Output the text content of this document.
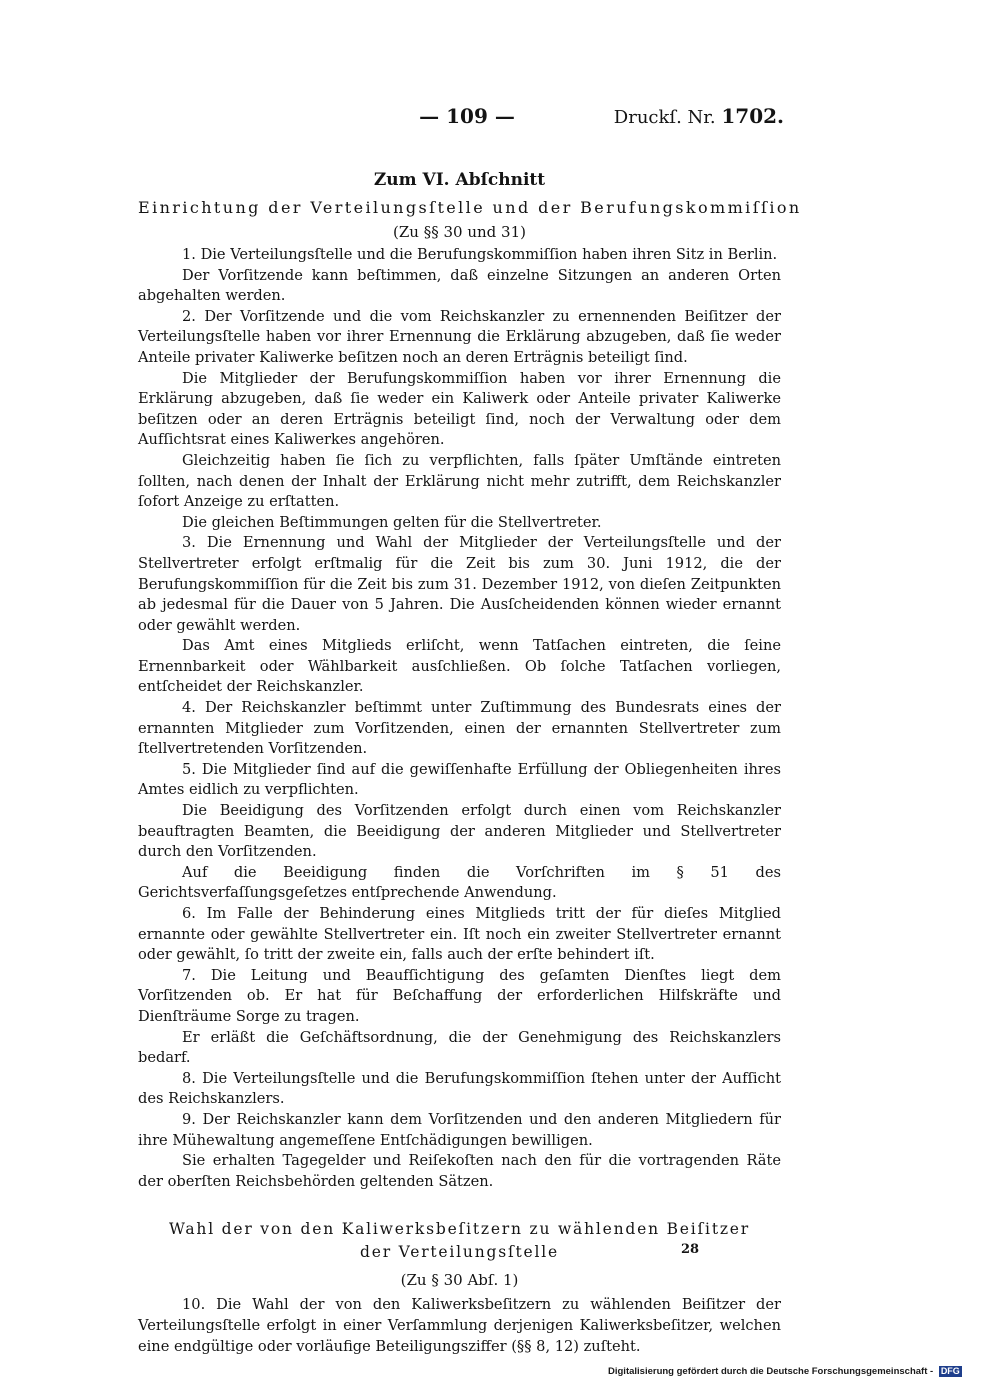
— 109 —	Druckſ. Nr. 1702.
Zum VI. Abſchnitt
Einrichtung der Verteilungsſtelle und der Berufungskommiſſion
(Zu §§ 30 und 31)

1. Die Verteilungsſtelle und die Berufungskommiſſion haben ihren Sitz in Berlin.

Der Vorſitzende kann beſtimmen, daß einzelne Sitzungen an anderen Orten abgehalten werden.

2. Der Vorſitzende und die vom Reichskanzler zu ernennenden Beiſitzer der Verteilungsſtelle haben vor ihrer Ernennung die Erklärung abzugeben, daß ſie weder Anteile privater Kaliwerke beſitzen noch an deren Erträgnis beteiligt ſind.

Die Mitglieder der Berufungskommiſſion haben vor ihrer Ernennung die Erklärung abzugeben, daß ſie weder ein Kaliwerk oder Anteile privater Kaliwerke beſitzen oder an deren Erträgnis beteiligt ſind, noch der Verwaltung oder dem Aufſichtsrat eines Kaliwerkes angehören.

Gleichzeitig haben ſie ſich zu verpflichten, falls ſpäter Umſtände eintreten ſollten, nach denen der Inhalt der Erklärung nicht mehr zutrifft, dem Reichskanzler ſofort Anzeige zu erſtatten.

Die gleichen Beſtimmungen gelten für die Stellvertreter.

3. Die Ernennung und Wahl der Mitglieder der Verteilungsſtelle und der Stellvertreter erfolgt erſtmalig für die Zeit bis zum 30. Juni 1912, die der Berufungskommiſſion für die Zeit bis zum 31. Dezember 1912, von dieſen Zeitpunkten ab jedesmal für die Dauer von 5 Jahren. Die Ausſcheidenden können wieder ernannt oder gewählt werden.

Das Amt eines Mitglieds erliſcht, wenn Tatſachen eintreten, die ſeine Ernennbarkeit oder Wählbarkeit ausſchließen. Ob ſolche Tatſachen vorliegen, entſcheidet der Reichskanzler.

4. Der Reichskanzler beſtimmt unter Zuſtimmung des Bundesrats eines der ernannten Mitglieder zum Vorſitzenden, einen der ernannten Stellvertreter zum ſtellvertretenden Vorſitzenden.

5. Die Mitglieder ſind auf die gewiſſenhafte Erfüllung der Obliegenheiten ihres Amtes eidlich zu verpflichten.

Die Beeidigung des Vorſitzenden erfolgt durch einen vom Reichskanzler beauftragten Beamten, die Beeidigung der anderen Mitglieder und Stellvertreter durch den Vorſitzenden.

Auf die Beeidigung finden die Vorſchriften im § 51 des Gerichtsverfaſſungsgeſetzes entſprechende Anwendung.

6. Im Falle der Behinderung eines Mitglieds tritt der für dieſes Mitglied ernannte oder gewählte Stellvertreter ein. Iſt noch ein zweiter Stellvertreter ernannt oder gewählt, ſo tritt der zweite ein, falls auch der erſte behindert iſt.

7. Die Leitung und Beaufſichtigung des geſamten Dienſtes liegt dem Vorſitzenden ob. Er hat für Beſchaffung der erforderlichen Hilfskräfte und Dienſträume Sorge zu tragen.

Er erläßt die Geſchäftsordnung, die der Genehmigung des Reichskanzlers bedarf.

8. Die Verteilungsſtelle und die Berufungskommiſſion ſtehen unter der Aufſicht des Reichskanzlers.

9. Der Reichskanzler kann dem Vorſitzenden und den anderen Mitgliedern für ihre Mühewaltung angemeſſene Entſchädigungen bewilligen.

Sie erhalten Tagegelder und Reiſekoſten nach den für die vortragenden Räte der oberſten Reichsbehörden geltenden Sätzen.

Wahl der von den Kaliwerksbeſitzern zu wählenden Beiſitzer
der Verteilungsſtelle
(Zu § 30 Abſ. 1)

10. Die Wahl der von den Kaliwerksbeſitzern zu wählenden Beiſitzer der Verteilungsſtelle erfolgt in einer Verſammlung derjenigen Kaliwerksbeſitzer, welchen eine endgültige oder vorläufige Beteiligungsziffer (§§ 8, 12) zuſteht.

28
Digitalisierung gefördert durch die Deutsche Forschungsgemeinschaft - DFG
